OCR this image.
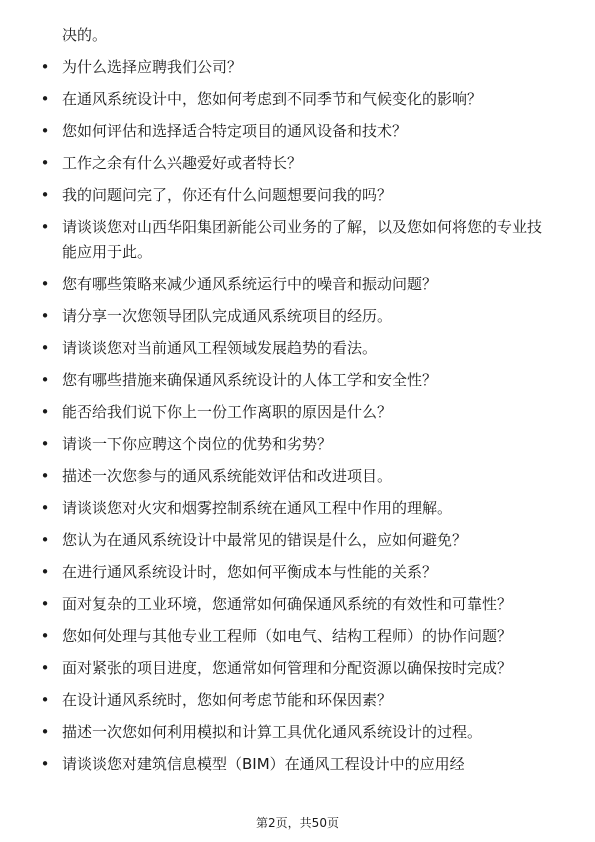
决的。
• 为什么选择应聘我们公司？
• 在通风系统设计中，您如何考虑到不同季节和气候变化的影响？
• 您如何评估和选择适合特定项目的通风设备和技术？
• 工作之余有什么兴趣爱好或者特长？
• 我的问题问完了，你还有什么问题想要问我的吗？
• 请谈谈您对山西华阳集团新能公司业务的了解，以及您如何将您的专业技能应用于此。
• 您有哪些策略来减少通风系统运行中的噪音和振动问题？
• 请分享一次您领导团队完成通风系统项目的经历。
• 请谈谈您对当前通风工程领域发展趋势的看法。
• 您有哪些措施来确保通风系统设计的人体工学和安全性？
• 能否给我们说下你上一份工作离职的原因是什么？
• 请谈一下你应聘这个岗位的优势和劣势？
• 描述一次您参与的通风系统能效评估和改进项目。
• 请谈谈您对火灾和烟雾控制系统在通风工程中作用的理解。
• 您认为在通风系统设计中最常见的错误是什么，应如何避免？
• 在进行通风系统设计时，您如何平衡成本与性能的关系？
• 面对复杂的工业环境，您通常如何确保通风系统的有效性和可靠性？
• 您如何处理与其他专业工程师（如电气、结构工程师）的协作问题？
• 面对紧张的项目进度，您通常如何管理和分配资源以确保按时完成？
• 在设计通风系统时，您如何考虑节能和环保因素？
• 描述一次您如何利用模拟和计算工具优化通风系统设计的过程。
• 请谈谈您对建筑信息模型（BIM）在通风工程设计中的应用经
第2页，共50页
